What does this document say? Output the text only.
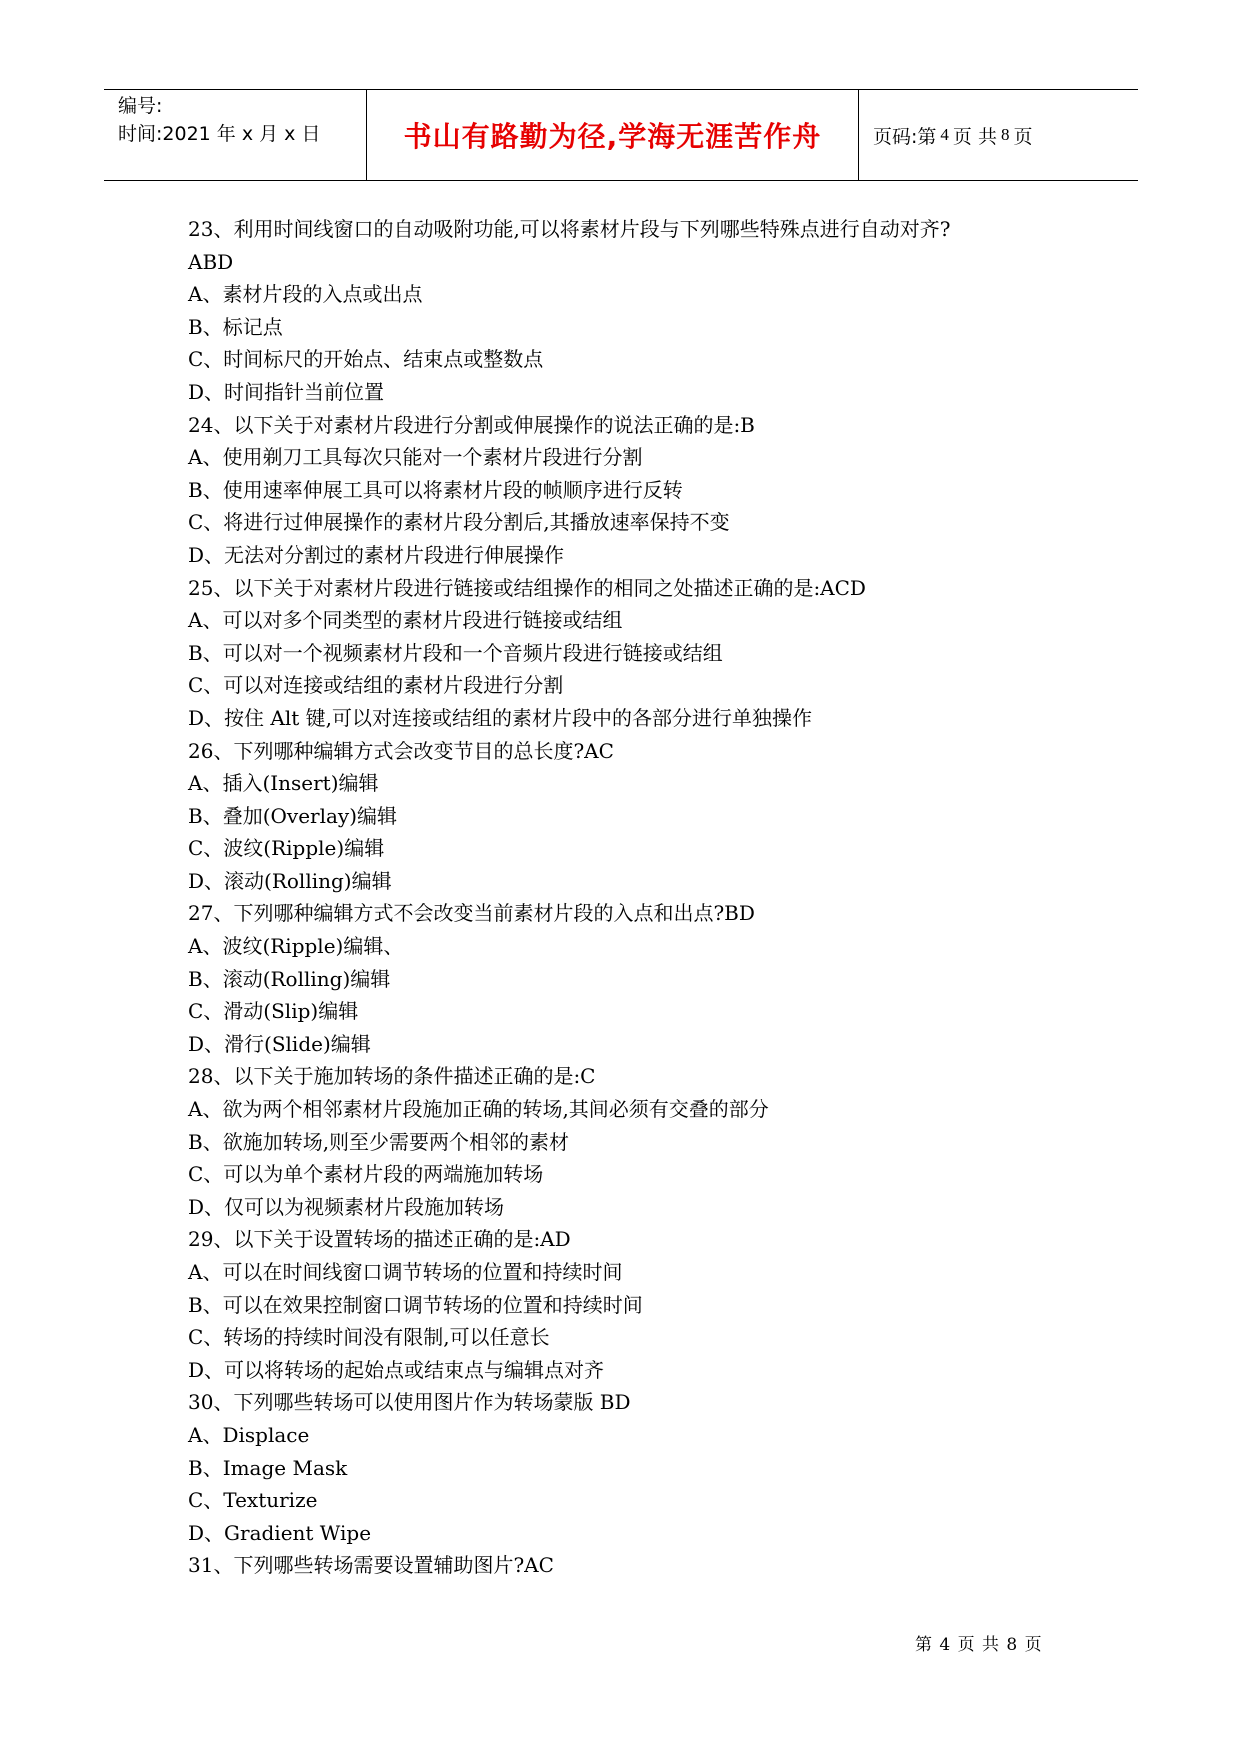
编号:
时间:2021 年 x 月 x 日	书山有路勤为径,学海无涯苦作舟	页码:第 4 页 共 8 页
23、利用时间线窗口的自动吸附功能,可以将素材片段与下列哪些特殊点进行自动对齐?
ABD
A、素材片段的入点或出点
B、标记点
C、时间标尺的开始点、结束点或整数点
D、时间指针当前位置
24、以下关于对素材片段进行分割或伸展操作的说法正确的是:B
A、使用剃刀工具每次只能对一个素材片段进行分割
B、使用速率伸展工具可以将素材片段的帧顺序进行反转
C、将进行过伸展操作的素材片段分割后,其播放速率保持不变
D、无法对分割过的素材片段进行伸展操作
25、以下关于对素材片段进行链接或结组操作的相同之处描述正确的是:ACD
A、可以对多个同类型的素材片段进行链接或结组
B、可以对一个视频素材片段和一个音频片段进行链接或结组
C、可以对连接或结组的素材片段进行分割
D、按住 Alt 键,可以对连接或结组的素材片段中的各部分进行单独操作
26、下列哪种编辑方式会改变节目的总长度?AC
A、插入(Insert)编辑
B、叠加(Overlay)编辑
C、波纹(Ripple)编辑
D、滚动(Rolling)编辑
27、下列哪种编辑方式不会改变当前素材片段的入点和出点?BD
A、波纹(Ripple)编辑、
B、滚动(Rolling)编辑
C、滑动(Slip)编辑
D、滑行(Slide)编辑
28、以下关于施加转场的条件描述正确的是:C
A、欲为两个相邻素材片段施加正确的转场,其间必须有交叠的部分
B、欲施加转场,则至少需要两个相邻的素材
C、可以为单个素材片段的两端施加转场
D、仅可以为视频素材片段施加转场
29、以下关于设置转场的描述正确的是:AD
A、可以在时间线窗口调节转场的位置和持续时间
B、可以在效果控制窗口调节转场的位置和持续时间
C、转场的持续时间没有限制,可以任意长
D、可以将转场的起始点或结束点与编辑点对齐
30、下列哪些转场可以使用图片作为转场蒙版 BD
A、Displace
B、Image Mask
C、Texturize
D、Gradient Wipe
31、下列哪些转场需要设置辅助图片?AC
第 4 页 共 8 页
